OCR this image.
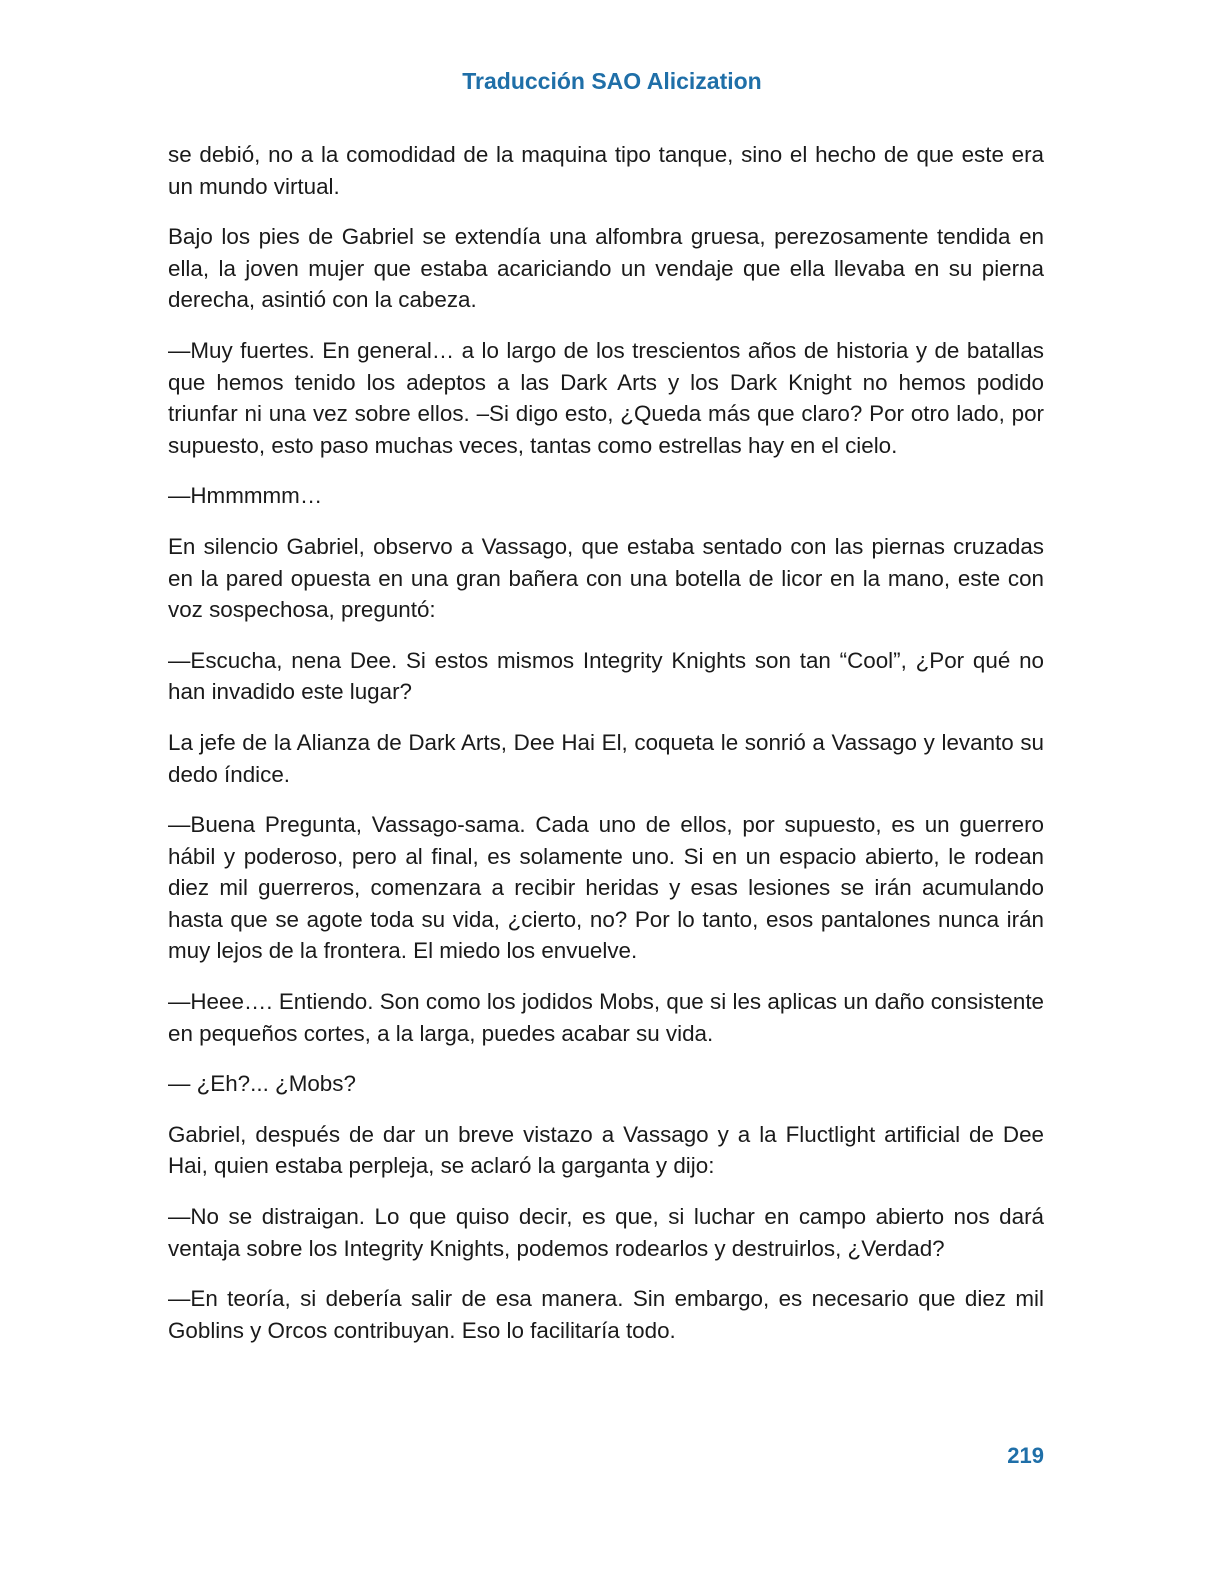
Traducción SAO Alicization

se debió, no a la comodidad de la maquina tipo tanque, sino el hecho de que este era un mundo virtual.

Bajo los pies de Gabriel se extendía una alfombra gruesa, perezosamente tendida en ella, la joven mujer que estaba acariciando un vendaje que ella llevaba en su pierna derecha, asintió con la cabeza.

—Muy fuertes. En general… a lo largo de los trescientos años de historia y de batallas que hemos tenido los adeptos a las Dark Arts y los Dark Knight no hemos podido triunfar ni una vez sobre ellos. –Si digo esto, ¿Queda más que claro? Por otro lado, por supuesto, esto paso muchas veces, tantas como estrellas hay en el cielo.

—Hmmmmm…

En silencio Gabriel, observo a Vassago, que estaba sentado con las piernas cruzadas en la pared opuesta en una gran bañera con una botella de licor en la mano, este con voz sospechosa, preguntó:

—Escucha, nena Dee. Si estos mismos Integrity Knights son tan “Cool”, ¿Por qué no han invadido este lugar?

La jefe de la Alianza de Dark Arts, Dee Hai El, coqueta le sonrió a Vassago y levanto su dedo índice.

—Buena Pregunta, Vassago-sama. Cada uno de ellos, por supuesto, es un guerrero hábil y poderoso, pero al final, es solamente uno. Si en un espacio abierto, le rodean diez mil guerreros, comenzara a recibir heridas y esas lesiones se irán acumulando hasta que se agote toda su vida, ¿cierto, no? Por lo tanto, esos pantalones nunca irán muy lejos de la frontera. El miedo los envuelve.

—Heee…. Entiendo. Son como los jodidos Mobs, que si les aplicas un daño consistente en pequeños cortes, a la larga, puedes acabar su vida.

— ¿Eh?... ¿Mobs?

Gabriel, después de dar un breve vistazo a Vassago y a la Fluctlight artificial de Dee Hai, quien estaba perpleja, se aclaró la garganta y dijo:

—No se distraigan. Lo que quiso decir, es que, si luchar en campo abierto nos dará ventaja sobre los Integrity Knights, podemos rodearlos y destruirlos, ¿Verdad?

—En teoría, si debería salir de esa manera. Sin embargo, es necesario que diez mil Goblins y Orcos contribuyan. Eso lo facilitaría todo.

219
